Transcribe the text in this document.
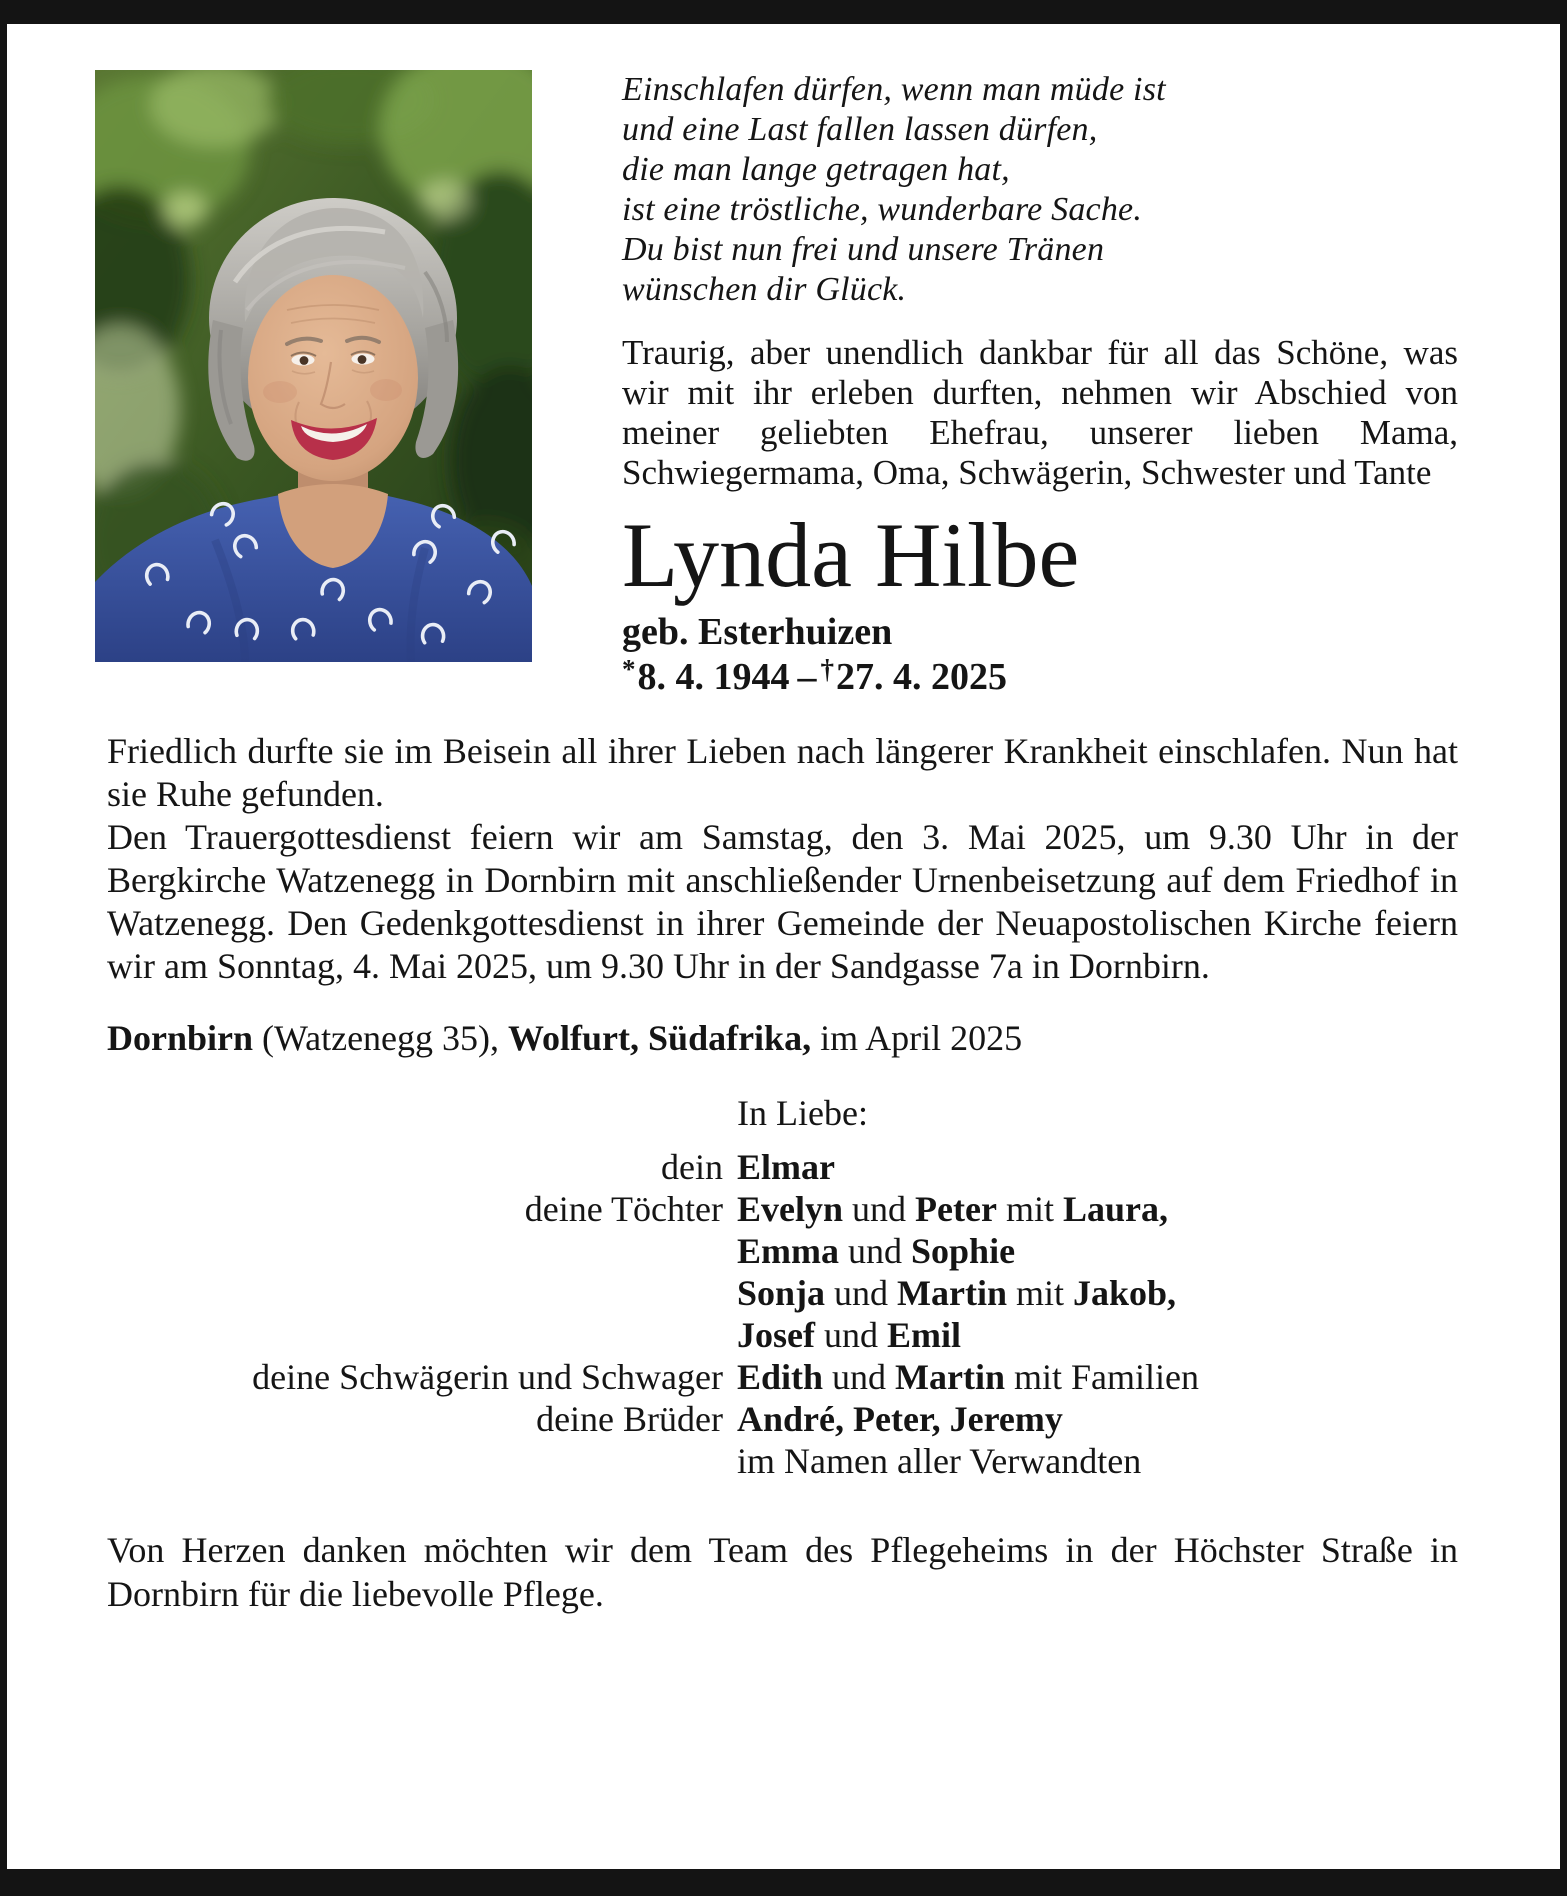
Einschlafen dürfen, wenn man müde ist
und eine Last fallen lassen dürfen,
die man lange getragen hat,
ist eine tröstliche, wunderbare Sache.
Du bist nun frei und unsere Tränen
wünschen dir Glück.

Traurig, aber unendlich dankbar für all das Schöne, was wir mit ihr erleben durften, nehmen wir Abschied von meiner geliebten Ehefrau, unserer lieben Mama, Schwiegermama, Oma, Schwägerin, Schwester und Tante

Lynda Hilbe
geb. Esterhuizen
*8. 4. 1944 – †27. 4. 2025

Friedlich durfte sie im Beisein all ihrer Lieben nach längerer Krankheit einschlafen. Nun hat sie Ruhe gefunden.

Den Trauergottesdienst feiern wir am Samstag, den 3. Mai 2025, um 9.30 Uhr in der Bergkirche Watzenegg in Dornbirn mit anschließender Urnenbeisetzung auf dem Friedhof in Watzenegg. Den Gedenkgottesdienst in ihrer Gemeinde der Neuapostolischen Kirche feiern wir am Sonntag, 4. Mai 2025, um 9.30 Uhr in der Sandgasse 7a in Dornbirn.

Dornbirn (Watzenegg 35), Wolfurt, Südafrika, im April 2025

In Liebe:
dein Elmar
deine Töchter Evelyn und Peter mit Laura,
Emma und Sophie
Sonja und Martin mit Jakob,
Josef und Emil
deine Schwägerin und Schwager Edith und Martin mit Familien
deine Brüder André, Peter, Jeremy
im Namen aller Verwandten

Von Herzen danken möchten wir dem Team des Pflegeheims in der Höchster Straße in Dornbirn für die liebevolle Pflege.
